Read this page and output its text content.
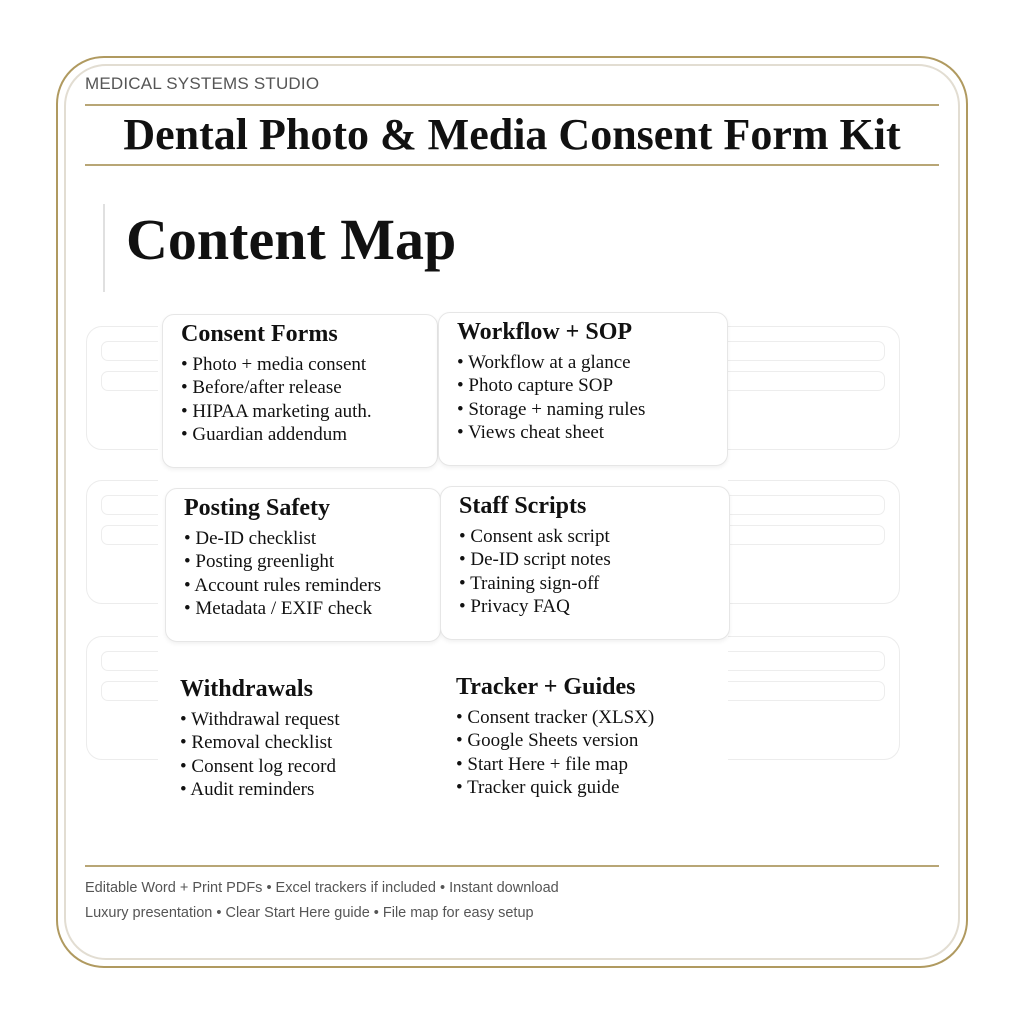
MEDICAL SYSTEMS STUDIO
Dental Photo & Media Consent Form Kit
Content Map
Consent Forms
• Photo + media consent
• Before/after release
• HIPAA marketing auth.
• Guardian addendum
Workflow + SOP
• Workflow at a glance
• Photo capture SOP
• Storage + naming rules
• Views cheat sheet
Posting Safety
• De-ID checklist
• Posting greenlight
• Account rules reminders
• Metadata / EXIF check
Staff Scripts
• Consent ask script
• De-ID script notes
• Training sign-off
• Privacy FAQ
Withdrawals
• Withdrawal request
• Removal checklist
• Consent log record
• Audit reminders
Tracker + Guides
• Consent tracker (XLSX)
• Google Sheets version
• Start Here + file map
• Tracker quick guide
Editable Word + Print PDFs • Excel trackers if included • Instant download
Luxury presentation • Clear Start Here guide • File map for easy setup
